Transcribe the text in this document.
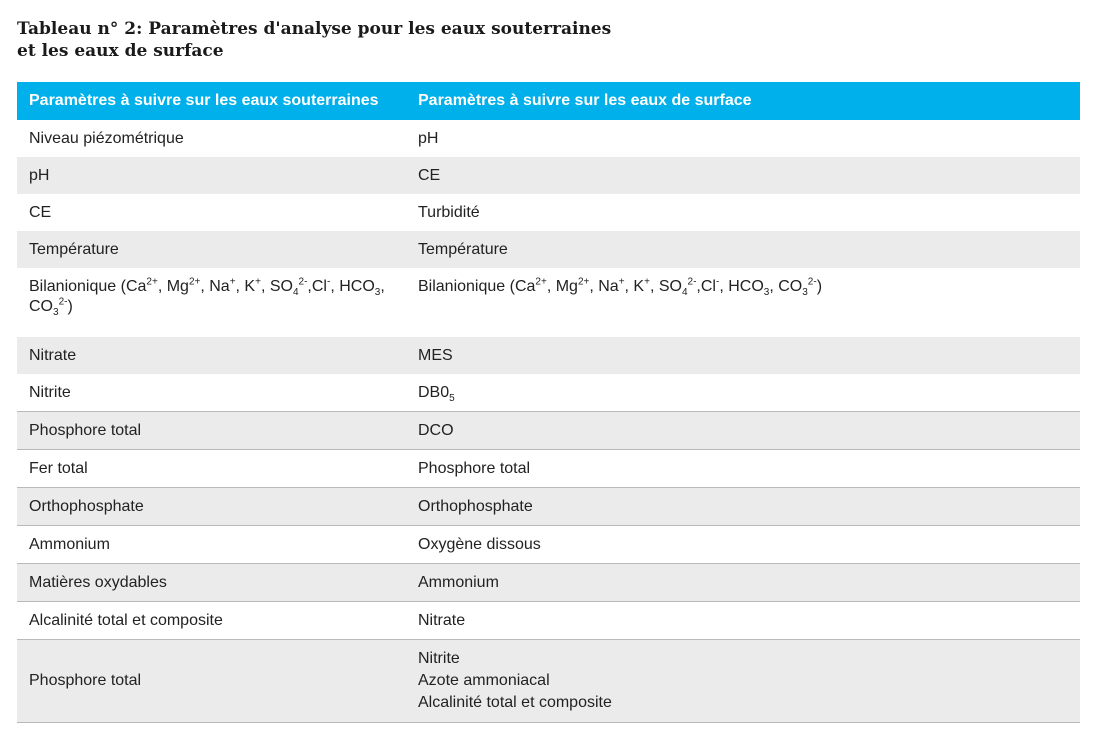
Tableau n° 2: Paramètres d'analyse pour les eaux souterraines
et les eaux de surface
Paramètres à suivre sur les eaux souterraines	Paramètres à suivre sur les eaux de surface
Niveau piézométrique	pH
pH	CE
CE	Turbidité
Température	Température
Bilanionique ($Ca^{2+}$, $Mg^{2+}$, Na+, K+, $SO_4^{2-},Cl^-$, $HCO_3$,
$CO_3^{2-}$)	Bilanionique ($Ca^{2+}$, $Mg^{2+}$, Na+, K+, $SO_4^{2-},Cl^-$, $HCO_3$, $CO_3^{2-}$)
Nitrate	MES
Nitrite	$DB0_5$
Phosphore total	DCO
Fer total	Phosphore total
Orthophosphate	Orthophosphate
Ammonium	Oxygène dissous
Matières oxydables	Ammonium
Alcalinité total et composite	Nitrate
Phosphore total	Nitrite
Azote ammoniacal
Alcalinité total et composite
